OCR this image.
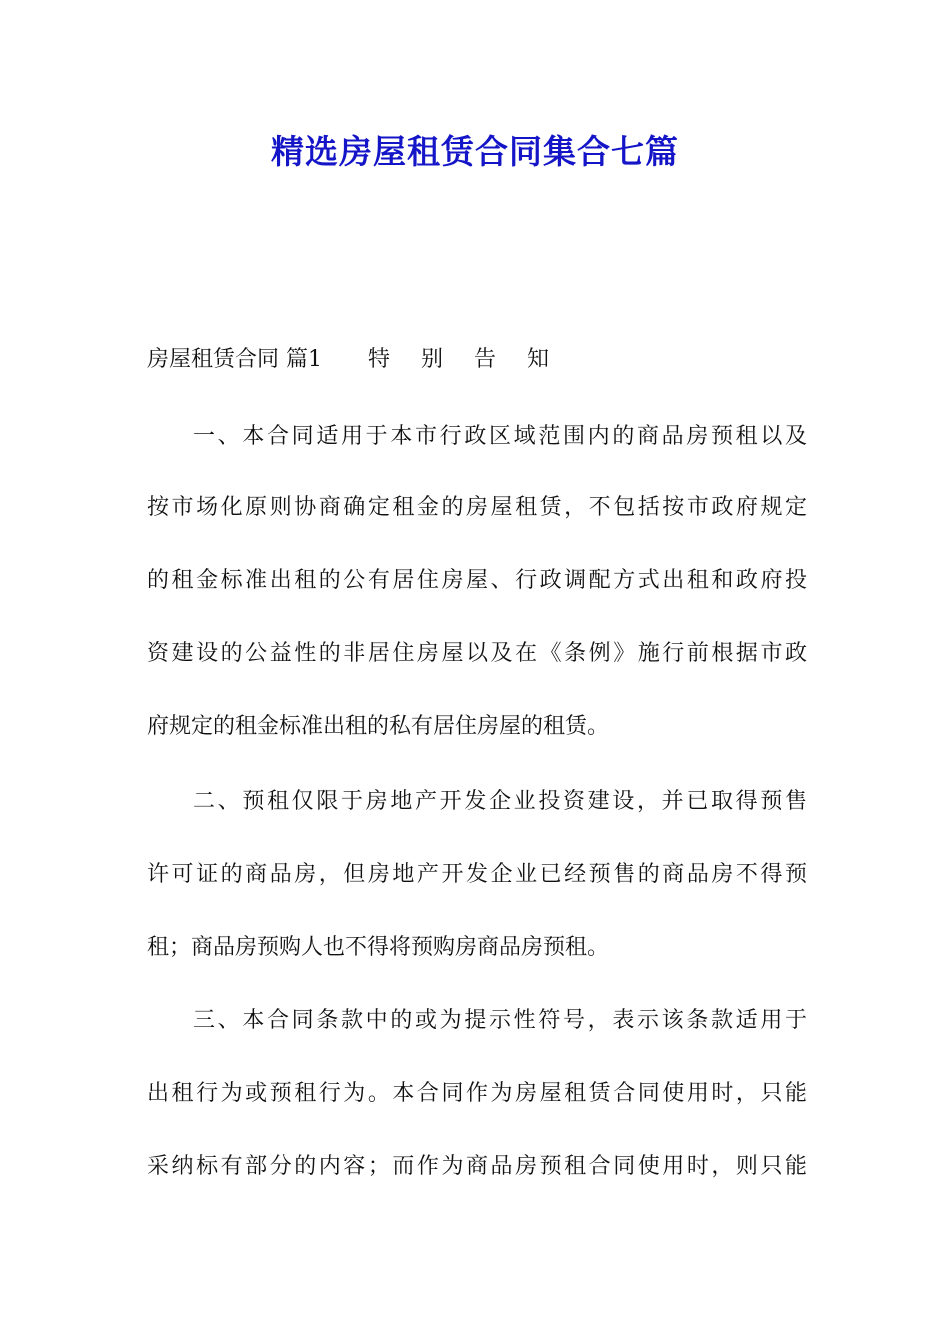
精选房屋租赁合同集合七篇
房屋租赁合同 篇1 特 别 告 知
一、本合同适用于本市行政区域范围内的商品房预租以及
按市场化原则协商确定租金的房屋租赁，不包括按市政府规定
的租金标准出租的公有居住房屋、行政调配方式出租和政府投
资建设的公益性的非居住房屋以及在《条例》施行前根据市政
府规定的租金标准出租的私有居住房屋的租赁。
二、预租仅限于房地产开发企业投资建设，并已取得预售
许可证的商品房，但房地产开发企业已经预售的商品房不得预
租；商品房预购人也不得将预购房商品房预租。
三、本合同条款中的或为提示性符号，表示该条款适用于
出租行为或预租行为。本合同作为房屋租赁合同使用时，只能
采纳标有部分的内容；而作为商品房预租合同使用时，则只能
